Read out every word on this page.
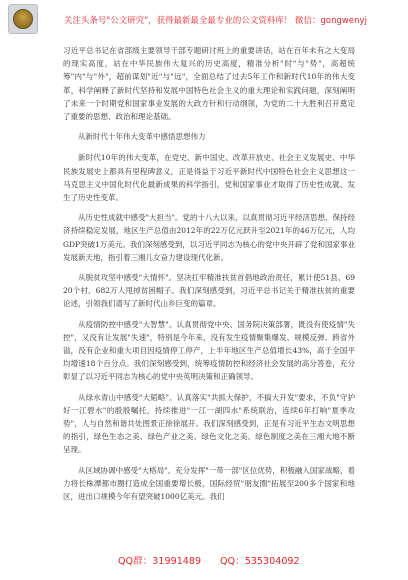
关注头条号"公文研究"，获得最新最全最专业的公文资料库！ 微信：gongwenyj

习近平总书记在省部级主要领导干部专题研讨班上的重要讲话，站在百年未有之大变局的现实高度，站在中华民族伟大复兴的历史高度，精准分析"时"与"势"，高超统筹"内"与"外"，超前谋划"近"与"远"，全面总结了过去5年工作和新时代10年的伟大变革，科学阐释了新时代坚持和发展中国特色社会主义的重大理论和实践问题，深刻阐明了未来一个时期党和国家事业发展的大政方针和行动纲领，为党的二十大胜利召开奠定了重要的思想、政治和理论基础。

从新时代十年伟大变革中感悟思想伟力

新时代10年的伟大变革，在党史、新中国史、改革开放史、社会主义发展史、中华民族发展史上都具有里程碑意义，正是得益于习近平新时代中国特色社会主义思想这一马克思主义中国化时代化最新成果的科学指引，党和国家事业才取得了历史性成就、发生了历史性变革。

从历史性成就中感受"大担当"。党的十八大以来，以真贯彻习近平经济思想，保持经济持续稳定发展，地区生产总值由2012年的22万亿元跃升至2021年的46万亿元，人均GDP突破1万美元。我们深刻感受到，以习近平同志为核心的党中央开辟了党和国家事业发展新天地，指引着三湘儿女奋力建设现代化新。

从脱贫攻坚中感受"大情怀"。坚决扛牢精准扶贫首倡地政治责任，累计使51县、6920个村、682万人甩掉贫困帽子。我们深刻感受到，习近平总书记关于精准扶贫的重要论述，引领我们谱写了新时代山乡巨变的篇章。

从疫情防控中感受"大智慧"。认真贯彻党中央、国务院决策部署，既没有使疫情"失控"，又没有让发展"失速"，特别是今年来，没有发生疫情聚集爆发、规模反弹、跨省外溢，没有企业和重大项目因疫情停工停产，上半年地区生产总值增长43%，高于全国平均增速18个百分点。我们深刻感受到，统筹疫情防控和经济社会发展的高分答卷，充分彰显了以习近平同志为核心的党中央英明决策和正确领导。

从绿水青山中感受"大韬略"。认真落实"共抓大保护，不搞大开发"要求，不负"守护好一江碧水"的殷殷嘱托，持续推进"一江一湖四水"系统联治，连续6年打响"夏季攻势"，人与自然和谐共处图景正徐徐展开。我们深刻感受到，正是有习近平生态文明思想的指引，绿色生态之美、绿色产业之美、绿色文化之美、绿色制度之美在三湘大地不断呈现。

从区域协调中感受"大格局"。充分发挥"一带一部"区位优势，积极融入国家战略，着力将长株潭都市圈打造成全国重要增长极，国际经贸"朋友圈"拓展至200多个国家和地区，进出口规模今年有望突破1000亿美元。我们

QQ群：31991489 QQ：535304092
